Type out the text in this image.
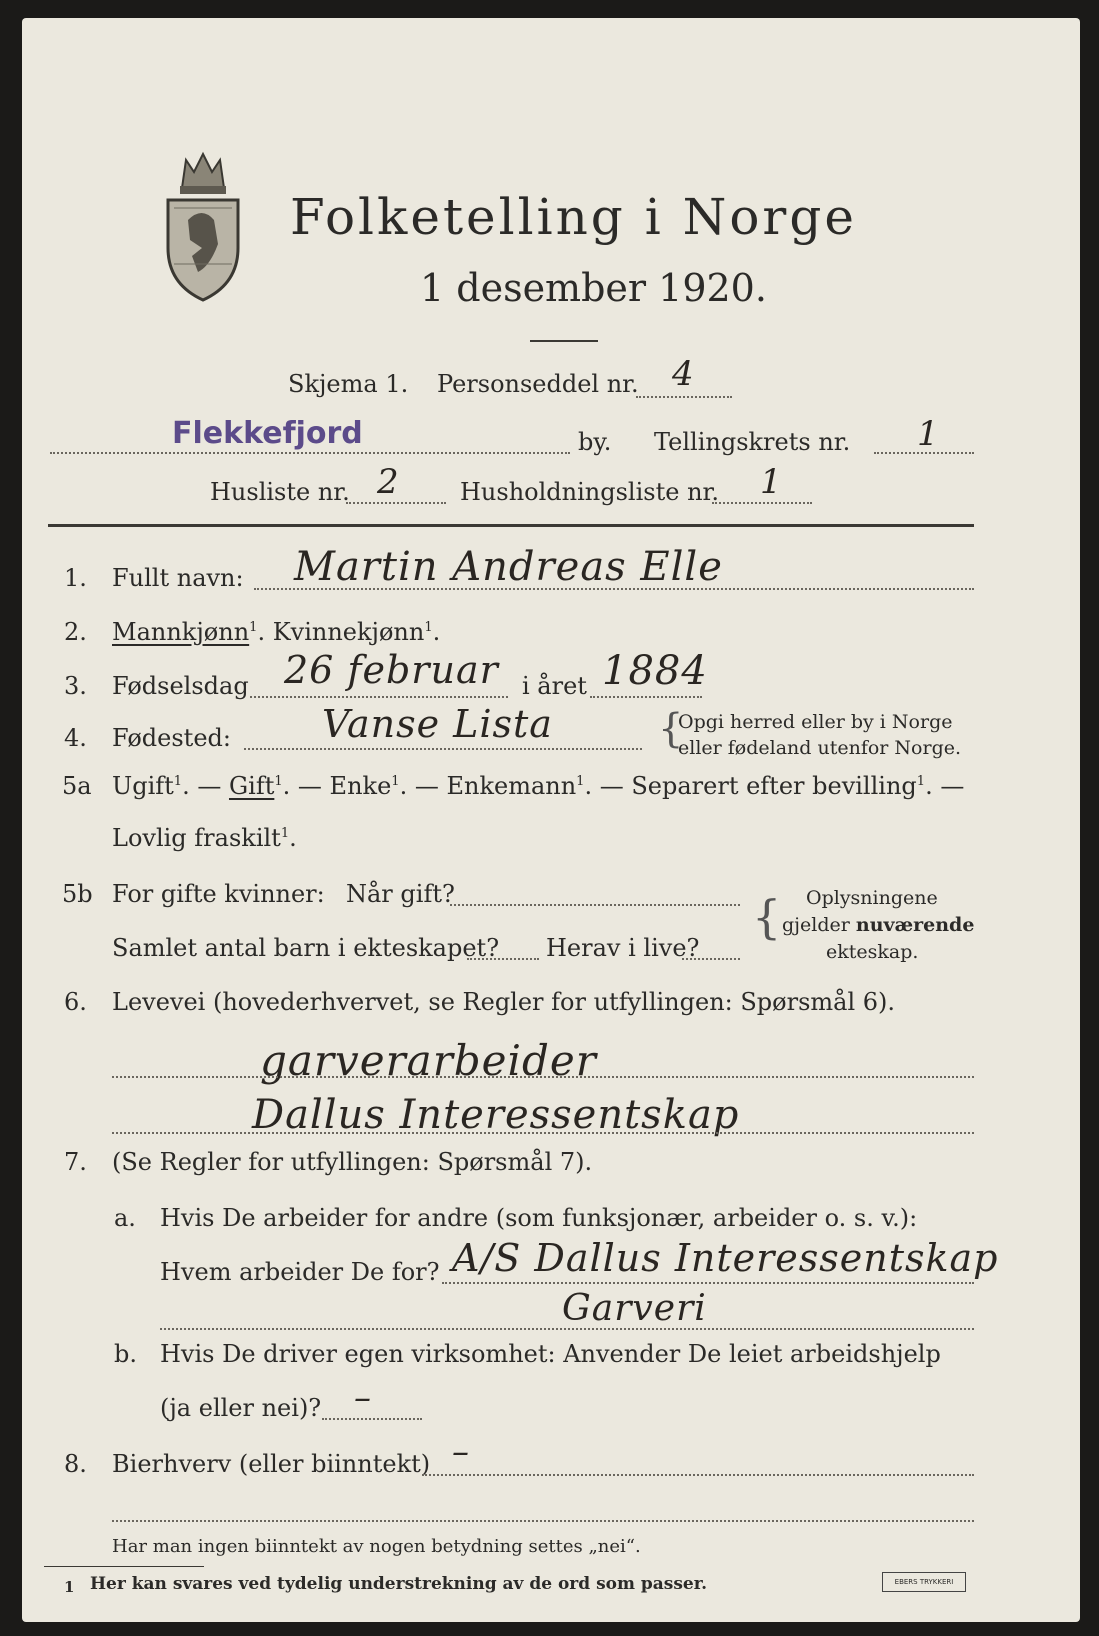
Folketelling i Norge
1 desember 1920.
Skjema 1. Personseddel nr. 4
Flekkefjord	by. Tellingskrets nr. 1
Husliste nr. 2	Husholdningsliste nr. 1
1. Fullt navn: Martin Andreas Elle
2. Mannkjønn$^1$. Kvinnekjønn$^1$.
3. Fødselsdag 26 februar i året 1884
4. Fødested: Vanse Lista	{
Opgi herred eller by i Norge
eller fødeland utenfor Norge.
5a Ugift$^1$. — Gift$^1$. — Enke$^1$. — Enkemann$^1$. — Separert efter bevilling$^1$. —
Lovlig fraskilt$^1$.
5b For gifte kvinner: Når gift?
Samlet antal barn i ekteskapet? Herav i live?
{ Oplysningene
gjelder nuværende
ekteskap.
6. Levevei (hovederhvervet, se Regler for utfyllingen: Spørsmål 6).
garverarbeider
Dallus Interessentskap
7. (Se Regler for utfyllingen: Spørsmål 7).
a. Hvis De arbeider for andre (som funksjonær, arbeider o. s. v.):
Hvem arbeider De for? A/S Dallus Interessentskap
Garveri
b. Hvis De driver egen virksomhet: Anvender De leiet arbeidshjelp
(ja eller nei)? –
8. Bierhverv (eller biinntekt) –
Har man ingen biinntekt av nogen betydning settes „nei“.
1 Her kan svares ved tydelig understrekning av de ord som passer.	EBERS TRYKKERI
